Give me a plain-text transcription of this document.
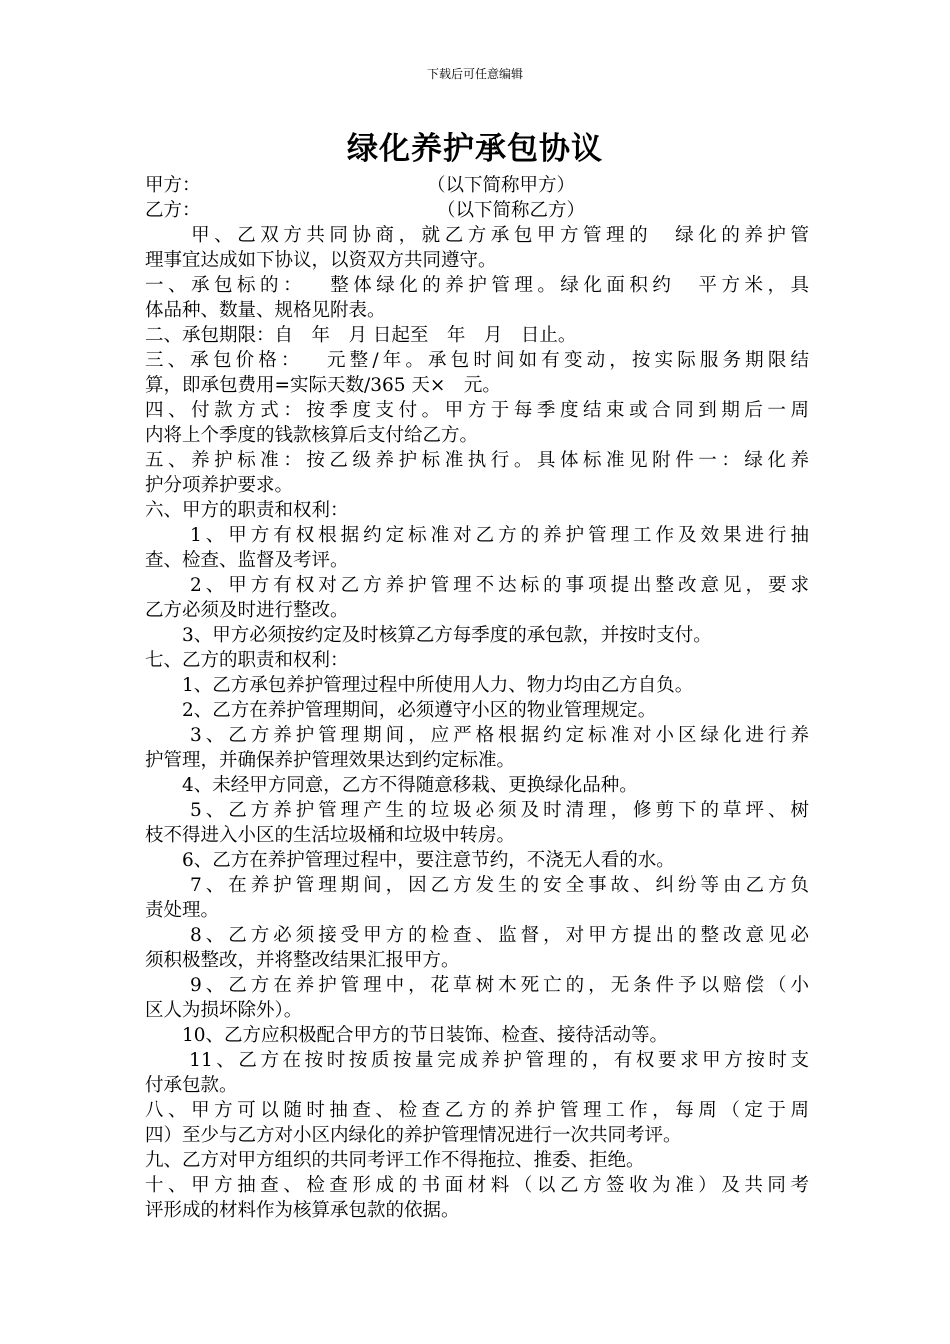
下载后可任意编辑
绿化养护承包协议
甲方：	（以下简称甲方）
乙方：	（以下简称乙方）
　　甲、乙双方共同协商，就乙方承包甲方管理的　绿化的养护管
理事宜达成如下协议，以资双方共同遵守。
一、承包标的：　 整体绿化的养护管理。绿化面积约　平方米，具
体品种、数量、规格见附表。
二、承包期限：自　年　月 日起至　年　月　日止。
三、承包价格：　 元整/年。承包时间如有变动，按实际服务期限结
算，即承包费用=实际天数/365 天×　元。
四、付款方式：按季度支付。甲方于每季度结束或合同到期后一周
内将上个季度的钱款核算后支付给乙方。
五、养护标准：按乙级养护标准执行。具体标准见附件一：绿化养
护分项养护要求。
六、甲方的职责和权利：
　　1、甲方有权根据约定标准对乙方的养护管理工作及效果进行抽
查、检查、监督及考评。
　　2、甲方有权对乙方养护管理不达标的事项提出整改意见，要求
乙方必须及时进行整改。
　　3、甲方必须按约定及时核算乙方每季度的承包款，并按时支付。
七、乙方的职责和权利：
　　1、乙方承包养护管理过程中所使用人力、物力均由乙方自负。
　　2、乙方在养护管理期间，必须遵守小区的物业管理规定。
　　3、乙方养护管理期间，应严格根据约定标准对小区绿化进行养
护管理，并确保养护管理效果达到约定标准。
　　4、未经甲方同意，乙方不得随意移栽、更换绿化品种。
　　5、乙方养护管理产生的垃圾必须及时清理，修剪下的草坪、树
枝不得进入小区的生活垃圾桶和垃圾中转房。
　　6、乙方在养护管理过程中，要注意节约，不浇无人看的水。
　　7、在养护管理期间，因乙方发生的安全事故、纠纷等由乙方负
责处理。
　　8、乙方必须接受甲方的检查、监督，对甲方提出的整改意见必
须积极整改，并将整改结果汇报甲方。
　　9、乙方在养护管理中，花草树木死亡的，无条件予以赔偿（小
区人为损坏除外）。
　　10、乙方应积极配合甲方的节日装饰、检查、接待活动等。
　　11、乙方在按时按质按量完成养护管理的，有权要求甲方按时支
付承包款。
八、甲方可以随时抽查、检查乙方的养护管理工作，每周（定于周
四）至少与乙方对小区内绿化的养护管理情况进行一次共同考评。
九、乙方对甲方组织的共同考评工作不得拖拉、推委、拒绝。
十、甲方抽查、检查形成的书面材料（以乙方签收为准）及共同考
评形成的材料作为核算承包款的依据。
